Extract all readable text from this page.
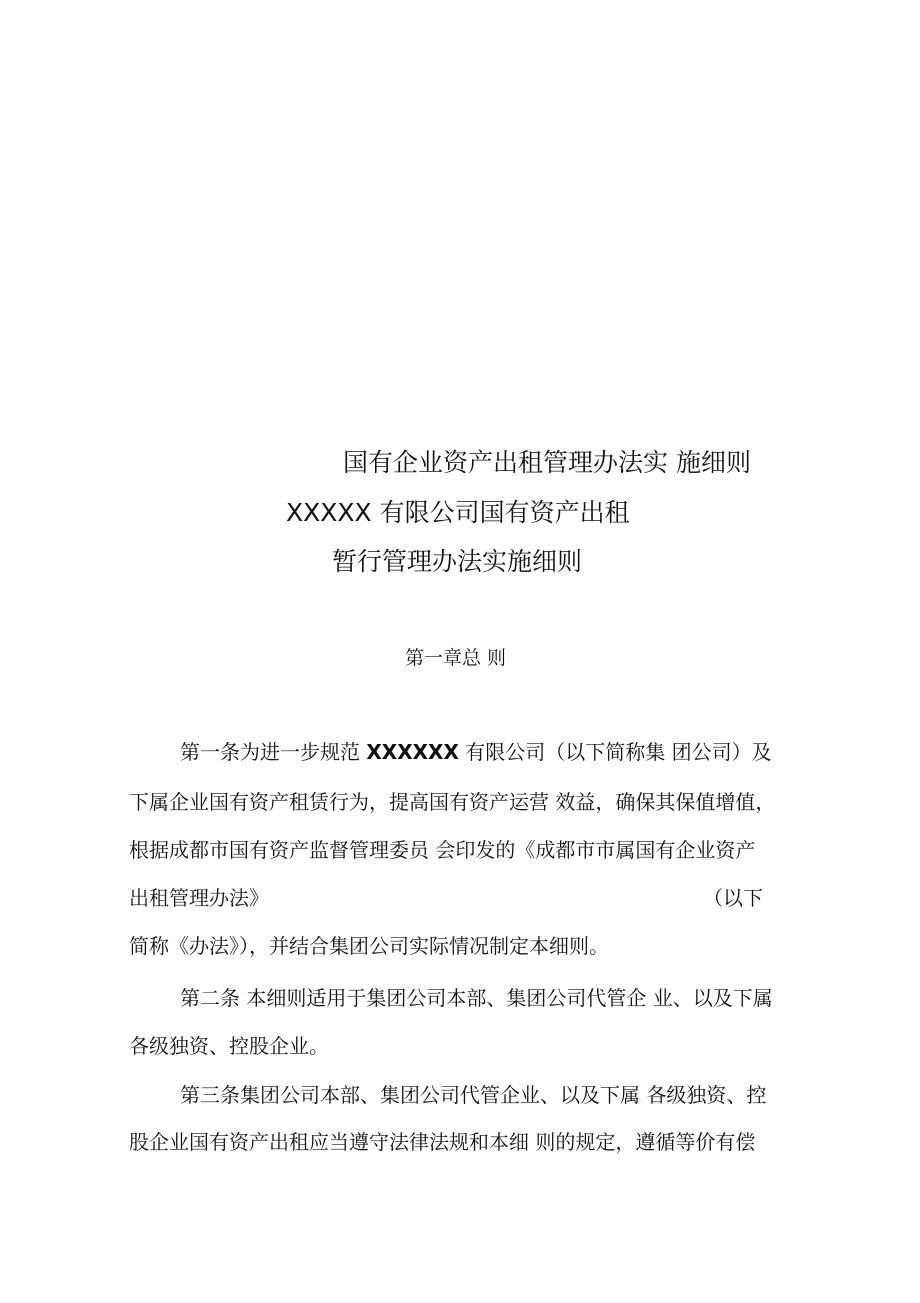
国有企业资产出租管理办法实 施细则
XXXXX 有限公司国有资产出租
暂行管理办法实施细则
第一章总 则
第一条为进一步规范 XXXXXX 有限公司（以下简称集 团公司）及
下属企业国有资产租赁行为，提高国有资产运营 效益，确保其保值增值，
根据成都市国有资产监督管理委员 会印发的《成都市市属国有企业资产
出租管理办法》	（以下
简称《办法》），并结合集团公司实际情况制定本细则。
第二条 本细则适用于集团公司本部、集团公司代管企 业、以及下属
各级独资、控股企业。
第三条集团公司本部、集团公司代管企业、以及下属 各级独资、控
股企业国有资产出租应当遵守法律法规和本细 则的规定，遵循等价有偿
